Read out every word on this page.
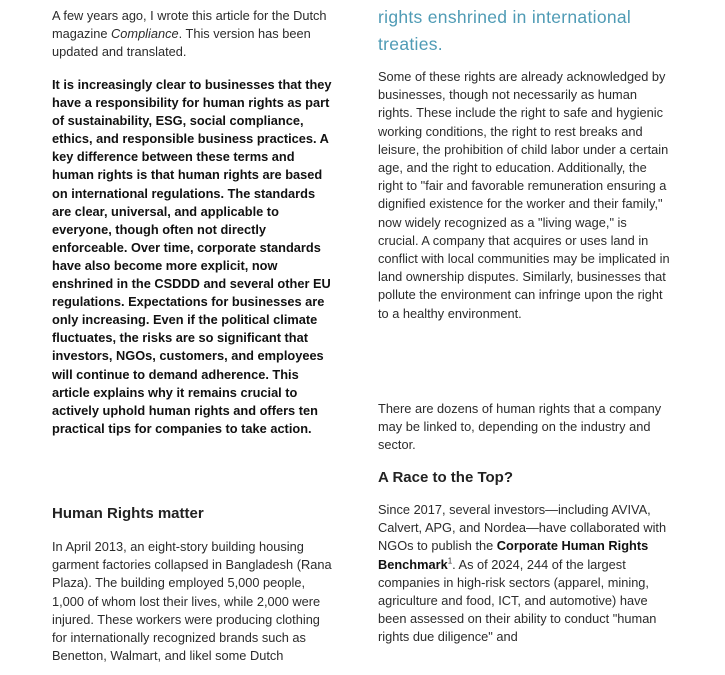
A few years ago, I wrote this article for the Dutch magazine Compliance. This version has been updated and translated.

It is increasingly clear to businesses that they have a responsibility for human rights as part of sustainability, ESG, social compliance, ethics, and responsible business practices. A key difference between these terms and human rights is that human rights are based on international regulations. The standards are clear, universal, and applicable to everyone, though often not directly enforceable. Over time, corporate standards have also become more explicit, now enshrined in the CSDDD and several other EU regulations. Expectations for businesses are only increasing. Even if the political climate fluctuates, the risks are so significant that investors, NGOs, customers, and employees will continue to demand adherence. This article explains why it remains crucial to actively uphold human rights and offers ten practical tips for companies to take action.

Human Rights matter

In April 2013, an eight-story building housing garment factories collapsed in Bangladesh (Rana Plaza). The building employed 5,000 people, 1,000 of whom lost their lives, while 2,000 were injured. These workers were producing clothing for internationally recognized brands such as Benetton, Walmart, and likel some Dutch

rights enshrined in international treaties.

Some of these rights are already acknowledged by businesses, though not necessarily as human rights. These include the right to safe and hygienic working conditions, the right to rest breaks and leisure, the prohibition of child labor under a certain age, and the right to education. Additionally, the right to "fair and favorable remuneration ensuring a dignified existence for the worker and their family," now widely recognized as a "living wage," is crucial. A company that acquires or uses land in conflict with local communities may be implicated in land ownership disputes. Similarly, businesses that pollute the environment can infringe upon the right to a healthy environment.

There are dozens of human rights that a company may be linked to, depending on the industry and sector.

A Race to the Top?

Since 2017, several investors—including AVIVA, Calvert, APG, and Nordea—have collaborated with NGOs to publish the Corporate Human Rights Benchmark$^1$. As of 2024, 244 of the largest companies in high-risk sectors (apparel, mining, agriculture and food, ICT, and automotive) have been assessed on their ability to conduct "human rights due diligence" and
